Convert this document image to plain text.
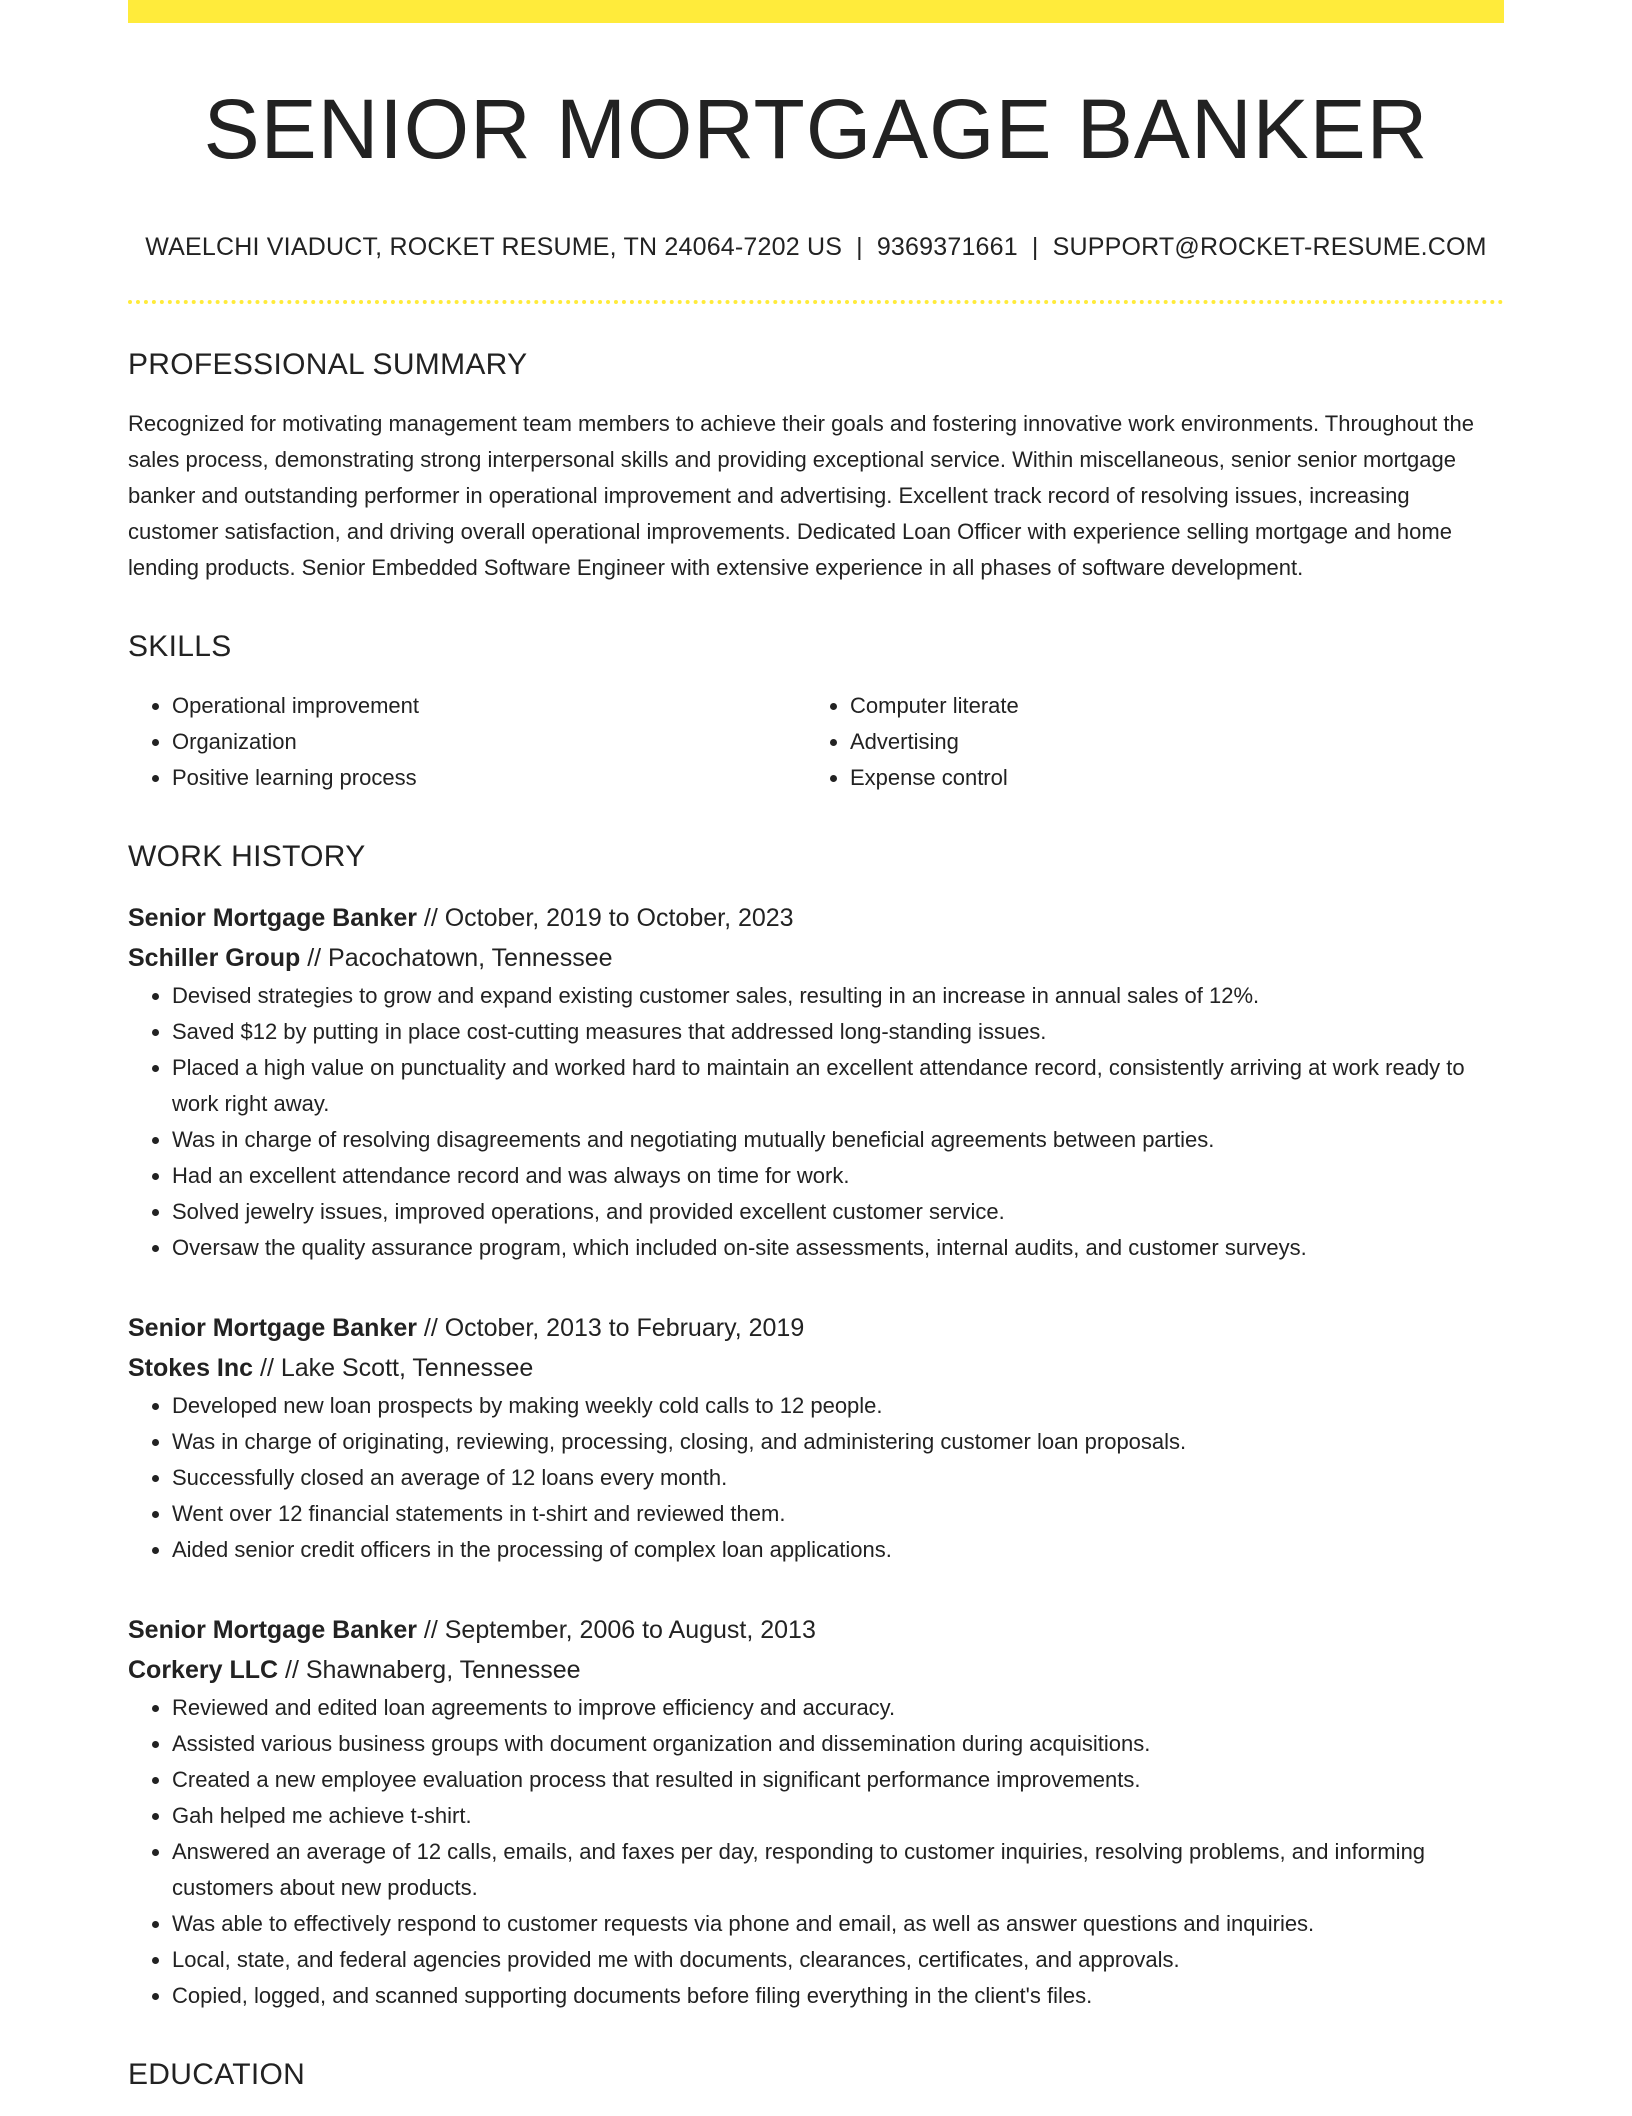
SENIOR MORTGAGE BANKER
WAELCHI VIADUCT, ROCKET RESUME, TN 24064-7202 US | 9369371661 | SUPPORT@ROCKET-RESUME.COM
PROFESSIONAL SUMMARY

Recognized for motivating management team members to achieve their goals and fostering innovative work environments. Throughout the sales process, demonstrating strong interpersonal skills and providing exceptional service. Within miscellaneous, senior senior mortgage banker and outstanding performer in operational improvement and advertising. Excellent track record of resolving issues, increasing customer satisfaction, and driving overall operational improvements. Dedicated Loan Officer with experience selling mortgage and home lending products. Senior Embedded Software Engineer with extensive experience in all phases of software development.

SKILLS
• Operational improvement
• Organization
• Positive learning process
• Computer literate
• Advertising
• Expense control
WORK HISTORY
Senior Mortgage Banker // October, 2019 to October, 2023
Schiller Group // Pacochatown, Tennessee
• Devised strategies to grow and expand existing customer sales, resulting in an increase in annual sales of 12%.
• Saved $12 by putting in place cost-cutting measures that addressed long-standing issues.
• Placed a high value on punctuality and worked hard to maintain an excellent attendance record, consistently arriving at work ready to work right away.
• Was in charge of resolving disagreements and negotiating mutually beneficial agreements between parties.
• Had an excellent attendance record and was always on time for work.
• Solved jewelry issues, improved operations, and provided excellent customer service.
• Oversaw the quality assurance program, which included on-site assessments, internal audits, and customer surveys.
Senior Mortgage Banker // October, 2013 to February, 2019
Stokes Inc // Lake Scott, Tennessee
• Developed new loan prospects by making weekly cold calls to 12 people.
• Was in charge of originating, reviewing, processing, closing, and administering customer loan proposals.
• Successfully closed an average of 12 loans every month.
• Went over 12 financial statements in t-shirt and reviewed them.
• Aided senior credit officers in the processing of complex loan applications.
Senior Mortgage Banker // September, 2006 to August, 2013
Corkery LLC // Shawnaberg, Tennessee
• Reviewed and edited loan agreements to improve efficiency and accuracy.
• Assisted various business groups with document organization and dissemination during acquisitions.
• Created a new employee evaluation process that resulted in significant performance improvements.
• Gah helped me achieve t-shirt.
• Answered an average of 12 calls, emails, and faxes per day, responding to customer inquiries, resolving problems, and informing customers about new products.
• Was able to effectively respond to customer requests via phone and email, as well as answer questions and inquiries.
• Local, state, and federal agencies provided me with documents, clearances, certificates, and approvals.
• Copied, logged, and scanned supporting documents before filing everything in the client's files.
EDUCATION
